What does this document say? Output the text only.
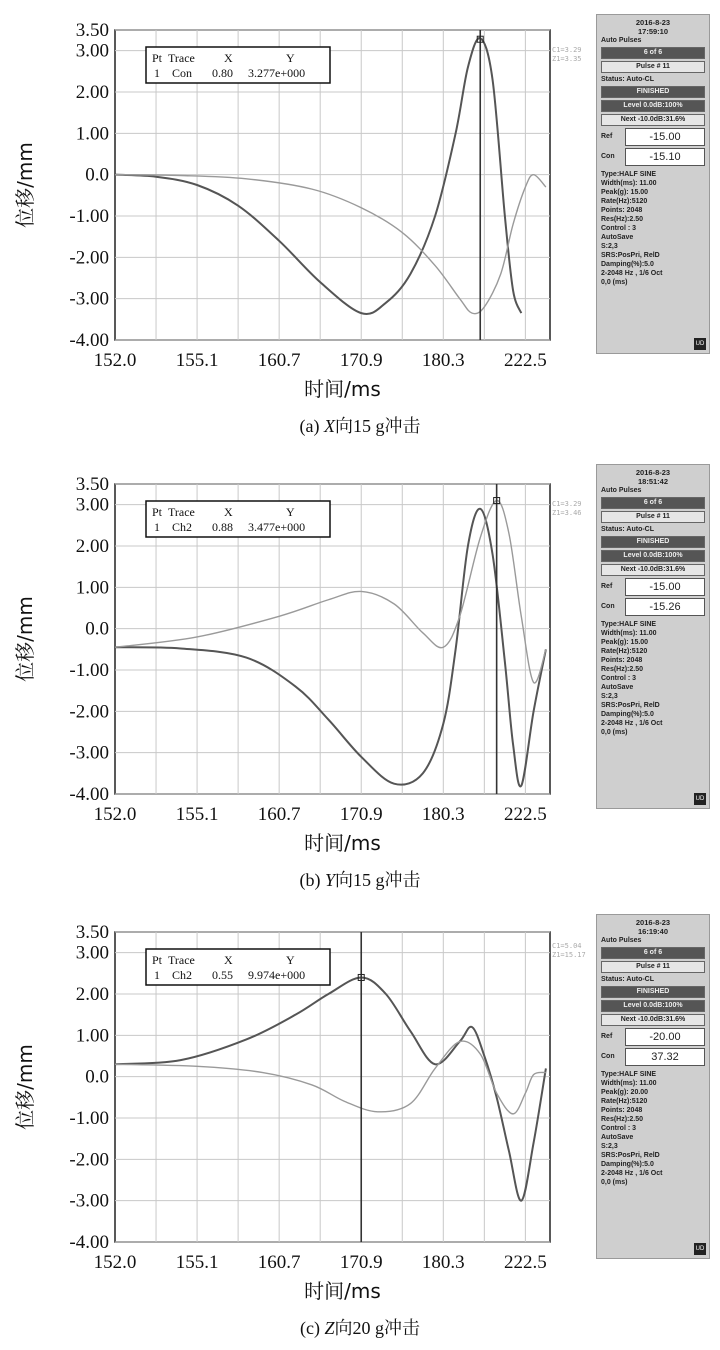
3.50
3.00
2.00
1.00
0.0
-1.00
-2.00
-3.00
-4.00
152.0 155.1 160.7 170.9 180.3 222.5
时间/ms
位移/mm
Pt Trace X	Y
1 Con 0.80 3.277e+000
C1=3.29
Z1=3.35
2016-8-23
17:59:10
Auto Pulses
6 of 6
Pulse # 11
Status: Auto-CL
FINISHED
Level 0.0dB:100%
Next -10.0dB:31.6%
Ref	-15.00
Con	-15.10
Type:HALF SINE
Width(ms): 11.00
Peak(g): 15.00
Rate(Hz):5120
Points: 2048
Res(Hz):2.50
Control : 3
AutoSave
S:2,3
SRS:PosPri, RelD
Damping(%):5.0
2-2048 Hz , 1/6 Oct
0,0 (ms)
UD
(a) X向15 g冲击
3.50
3.00
2.00
1.00
0.0
-1.00
-2.00
-3.00
-4.00
152.0 155.1 160.7 170.9 180.3 222.5
时间/ms
位移/mm
Pt Trace X	Y
1 Ch2 0.88 3.477e+000
C1=3.29
Z1=3.46
2016-8-23
18:51:42
Auto Pulses
6 of 6
Pulse # 11
Status: Auto-CL
FINISHED
Level 0.0dB:100%
Next -10.0dB:31.6%
Ref	-15.00
Con	-15.26
Type:HALF SINE
Width(ms): 11.00
Peak(g): 15.00
Rate(Hz):5120
Points: 2048
Res(Hz):2.50
Control : 3
AutoSave
S:2,3
SRS:PosPri, RelD
Damping(%):5.0
2-2048 Hz , 1/6 Oct
0,0 (ms)
UD
(b) Y向15 g冲击
3.50
3.00
2.00
1.00
0.0
-1.00
-2.00
-3.00
-4.00
152.0 155.1 160.7 170.9 180.3 222.5
时间/ms
位移/mm
Pt Trace X	Y
1 Ch2 0.55 9.974e+000
C1=5.04
Z1=15.17
2016-8-23
16:19:40
Auto Pulses
6 of 6
Pulse # 11
Status: Auto-CL
FINISHED
Level 0.0dB:100%
Next -10.0dB:31.6%
Ref	-20.00
Con	37.32
Type:HALF SINE
Width(ms): 11.00
Peak(g): 20.00
Rate(Hz):5120
Points: 2048
Res(Hz):2.50
Control : 3
AutoSave
S:2,3
SRS:PosPri, RelD
Damping(%):5.0
2-2048 Hz , 1/6 Oct
0,0 (ms)
UD
(c) Z向20 g冲击
